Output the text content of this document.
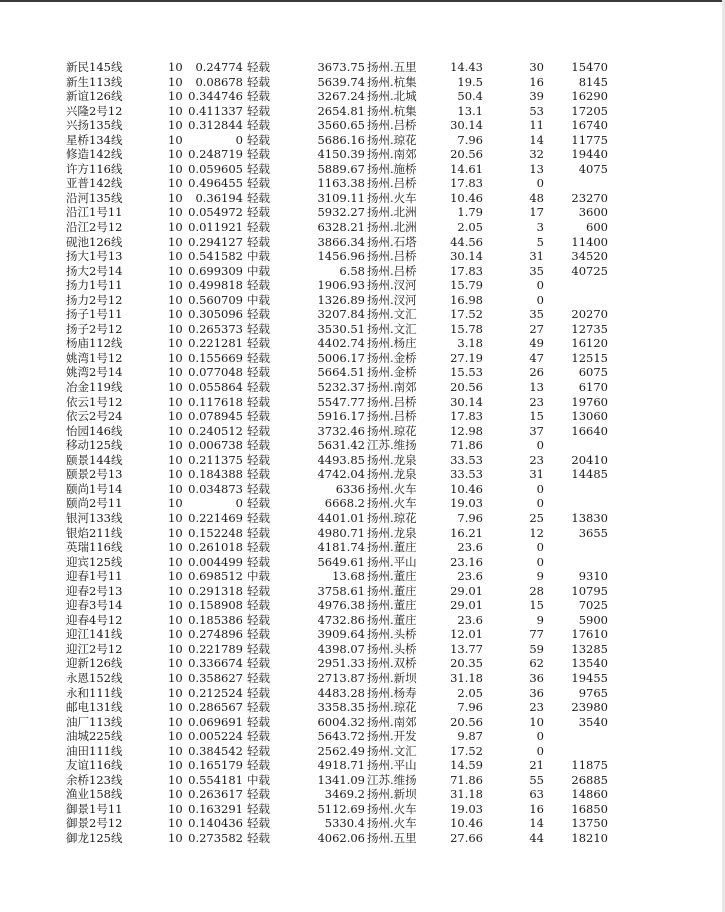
新民145线	10	0.24774 轻载	3673.75 扬州.五里	14.43	30	15470
新生113线	10	0.08678 轻载	5639.74 扬州.杭集	19.5	16	8145
新谊126线	10 0.344746 轻载	3267.24 扬州.北城	50.4	39	16290
兴隆2号12	10 0.411337 轻载	2654.81 扬州.杭集	13.1	53	17205
兴扬135线	10 0.312844 轻载	3560.65 扬州.吕桥	30.14	11	16740
星桥134线	10	0 轻载	5686.16 扬州.琼花	7.96	14	11775
修造142线	10 0.248719 轻载	4150.39 扬州.南郊	20.56	32	19440
许方116线	10 0.059605 轻载	5889.67 扬州.施桥	14.61	13	4075
亚普142线	10 0.496455 轻载	1163.38 扬州.吕桥	17.83	0
沿河135线	10	0.36194 轻载	3109.11 扬州.火车	10.46	48	23270
沿江1号11	10 0.054972 轻载	5932.27 扬州.北洲	1.79	17	3600
沿江2号12	10 0.011921 轻载	6328.21 扬州.北洲	2.05	3	600
砚池126线	10 0.294127 轻载	3866.34 扬州.石塔	44.56	5	11400
扬大1号13	10 0.541582 中载	1456.96 扬州.吕桥	30.14	31	34520
扬大2号14	10 0.699309 中载	6.58 扬州.吕桥	17.83	35	40725
扬力1号11	10 0.499818 轻载	1906.93 扬州.汊河	15.79	0
扬力2号12	10 0.560709 中载	1326.89 扬州.汊河	16.98	0
扬子1号11	10 0.305096 轻载	3207.84 扬州.文汇	17.52	35	20270
扬子2号12	10 0.265373 轻载	3530.51 扬州.文汇	15.78	27	12735
杨庙112线	10 0.221281 轻载	4402.74 扬州.杨庄	3.18	49	16120
姚湾1号12	10 0.155669 轻载	5006.17 扬州.金桥	27.19	47	12515
姚湾2号14	10 0.077048 轻载	5664.51 扬州.金桥	15.53	26	6075
冶金119线	10 0.055864 轻载	5232.37 扬州.南郊	20.56	13	6170
依云1号12	10 0.117618 轻载	5547.77 扬州.吕桥	30.14	23	19760
依云2号24	10 0.078945 轻载	5916.17 扬州.吕桥	17.83	15	13060
怡园146线	10 0.240512 轻载	3732.46 扬州.琼花	12.98	37	16640
移动125线	10 0.006738 轻载	5631.42 江苏.维扬	71.86	0
颐景144线	10 0.211375 轻载	4493.85 扬州.龙泉	33.53	23	20410
颐景2号13	10 0.184388 轻载	4742.04 扬州.龙泉	33.53	31	14485
颐尚1号14	10 0.034873 轻载	6336 扬州.火车	10.46	0
颐尚2号11	10	0 轻载	6668.2 扬州.火车	19.03	0
银河133线	10 0.221469 轻载	4401.01 扬州.琼花	7.96	25	13830
银焰211线	10 0.152248 轻载	4980.71 扬州.龙泉	16.21	12	3655
英瑞116线	10 0.261018 轻载	4181.74 扬州.董庄	23.6	0
迎宾125线	10 0.004499 轻载	5649.61 扬州.平山	23.16	0
迎春1号11	10 0.698512 中载	13.68 扬州.董庄	23.6	9	9310
迎春2号13	10 0.291318 轻载	3758.61 扬州.董庄	29.01	28	10795
迎春3号14	10 0.158908 轻载	4976.38 扬州.董庄	29.01	15	7025
迎春4号12	10 0.185386 轻载	4732.86 扬州.董庄	23.6	9	5900
迎江141线	10 0.274896 轻载	3909.64 扬州.头桥	12.01	77	17610
迎江2号12	10 0.221789 轻载	4398.07 扬州.头桥	13.77	59	13285
迎新126线	10 0.336674 轻载	2951.33 扬州.双桥	20.35	62	13540
永恩152线	10 0.358627 轻载	2713.87 扬州.新坝	31.18	36	19455
永和111线	10 0.212524 轻载	4483.28 扬州.杨寿	2.05	36	9765
邮电131线	10 0.286567 轻载	3358.35 扬州.琼花	7.96	23	23980
油厂113线	10 0.069691 轻载	6004.32 扬州.南郊	20.56	10	3540
油城225线	10 0.005224 轻载	5643.72 扬州.开发	9.87	0
油田111线	10 0.384542 轻载	2562.49 扬州.文汇	17.52	0
友谊116线	10 0.165179 轻载	4918.71 扬州.平山	14.59	21	11875
余桥123线	10 0.554181 中载	1341.09 江苏.维扬	71.86	55	26885
渔业158线	10 0.263617 轻载	3469.2 扬州.新坝	31.18	63	14860
御景1号11	10 0.163291 轻载	5112.69 扬州.火车	19.03	16	16850
御景2号12	10 0.140436 轻载	5330.4 扬州.火车	10.46	14	13750
御龙125线	10 0.273582 轻载	4062.06 扬州.五里	27.66	44	18210
